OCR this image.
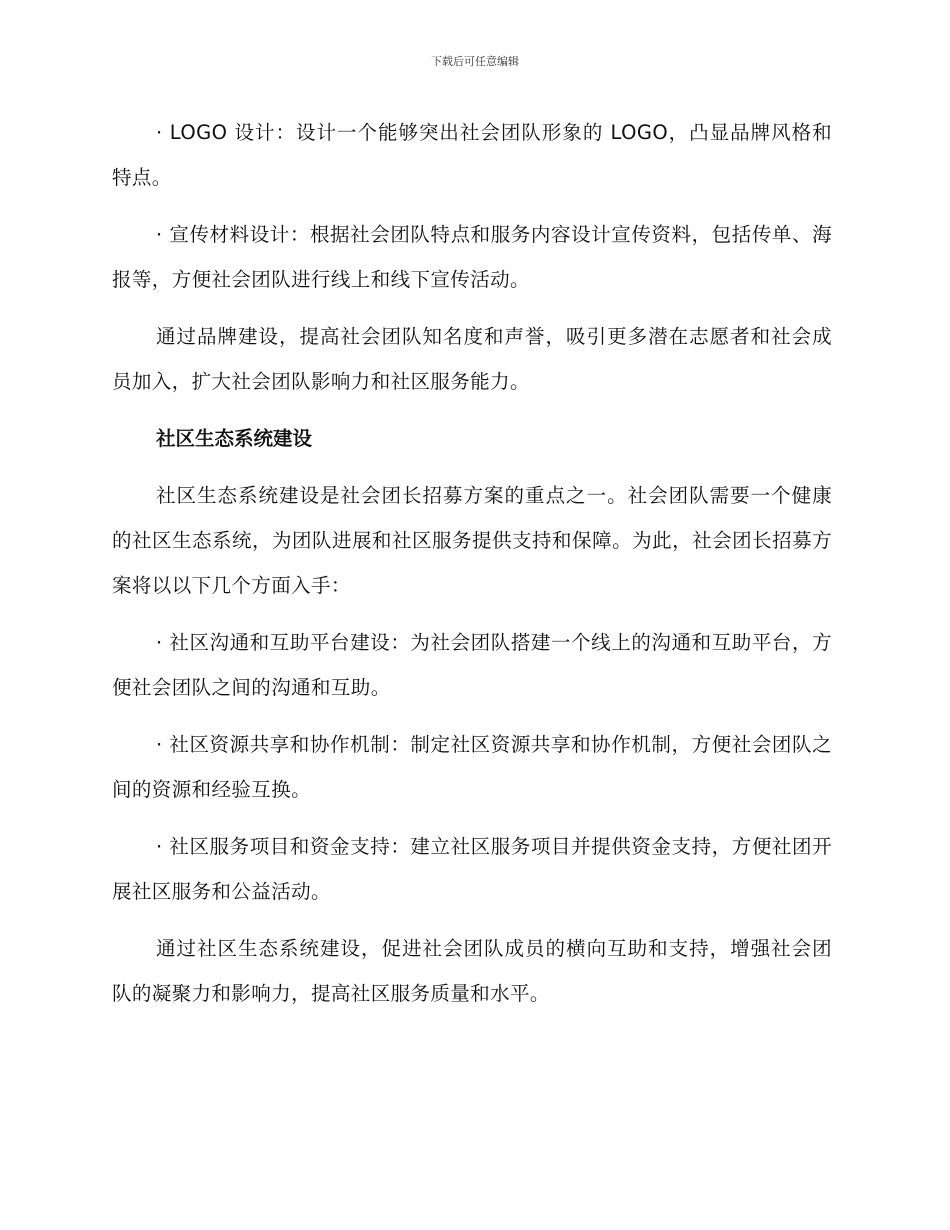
下载后可任意编辑

· LOGO 设计：设计一个能够突出社会团队形象的 LOGO，凸显品牌风格和特点。

· 宣传材料设计：根据社会团队特点和服务内容设计宣传资料，包括传单、海报等，方便社会团队进行线上和线下宣传活动。

通过品牌建设，提高社会团队知名度和声誉，吸引更多潜在志愿者和社会成员加入，扩大社会团队影响力和社区服务能力。

社区生态系统建设

社区生态系统建设是社会团长招募方案的重点之一。社会团队需要一个健康的社区生态系统，为团队进展和社区服务提供支持和保障。为此，社会团长招募方案将以以下几个方面入手：

· 社区沟通和互助平台建设：为社会团队搭建一个线上的沟通和互助平台，方便社会团队之间的沟通和互助。

· 社区资源共享和协作机制：制定社区资源共享和协作机制，方便社会团队之间的资源和经验互换。

· 社区服务项目和资金支持：建立社区服务项目并提供资金支持，方便社团开展社区服务和公益活动。

通过社区生态系统建设，促进社会团队成员的横向互助和支持，增强社会团队的凝聚力和影响力，提高社区服务质量和水平。
